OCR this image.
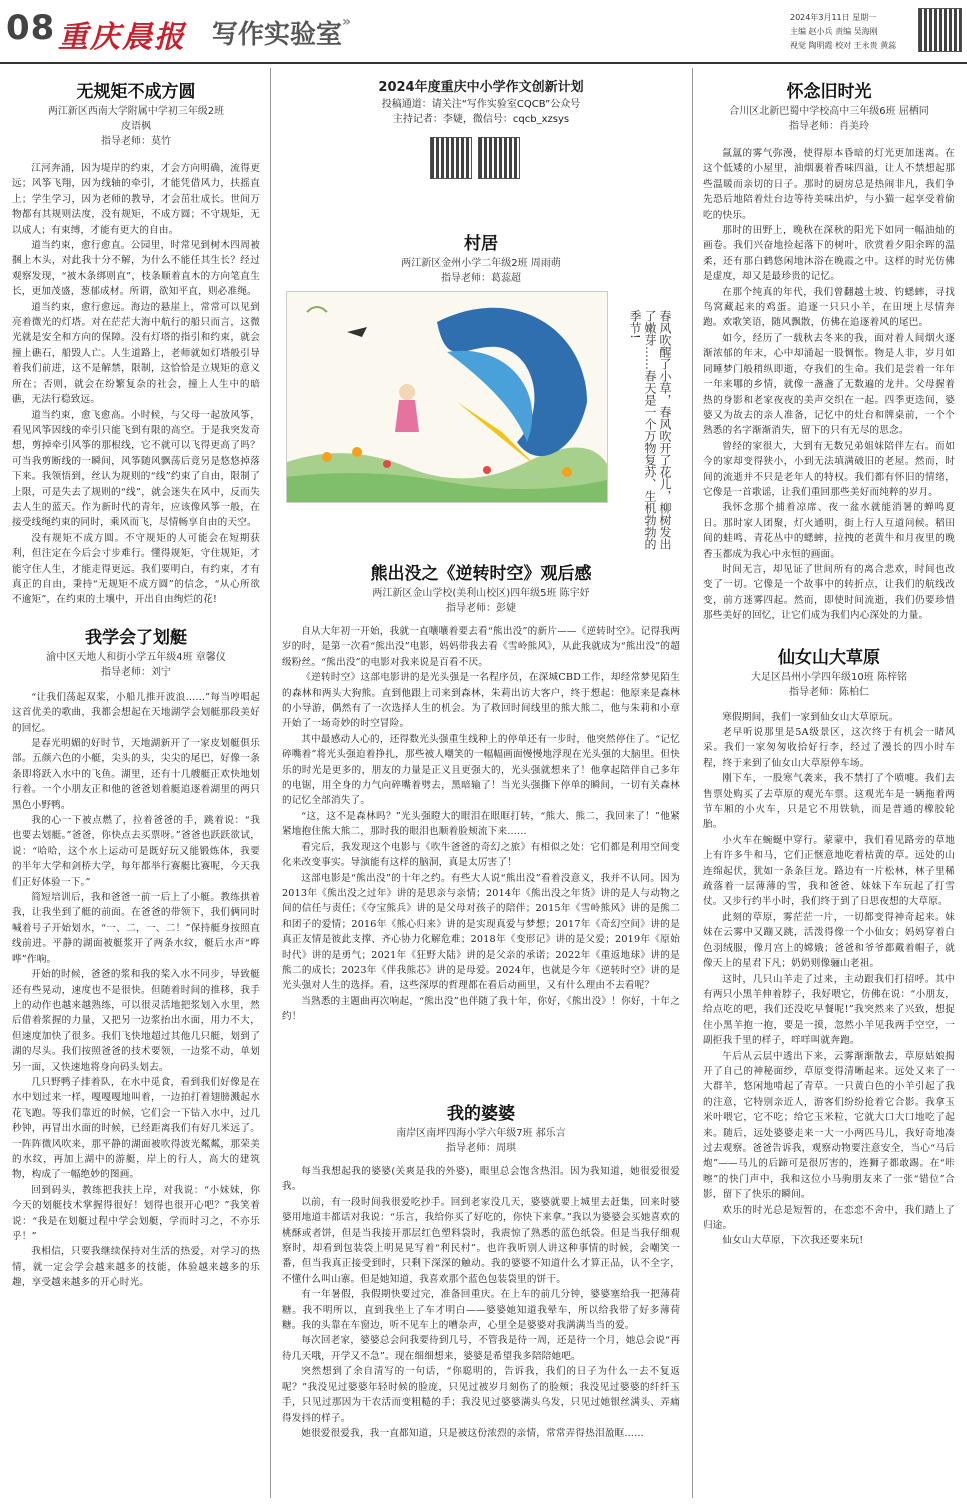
08 重庆晨报	写作实验室»	2024年3月11日 星期一
主编 赵小兵 责编 吴海刚
视觉 陶明霞 校对 王永贵 黄蕊
无规矩不成方圆
两江新区西南大学附属中学初三年级2班
皮语枫
指导老师：莫竹

江河奔涌，因为堤岸的约束，才会方向明确，流得更远；风筝飞翔，因为线轴的牵引，才能凭借风力，扶摇直上；学生学习，因为老师的教导，才会茁壮成长。世间万物都有其规则法度，没有规矩，不成方圆；不守规矩，无以成人；有束缚，才能有更大的自由。

道当约束，愈行愈直。公园里，时常见到树木四周被捆上木头，对此我十分不解，为什么不能任其生长？经过观察发现，“被木条绑则直”，枝条顺着直木的方向笔直生长，更加茂盛，葱郁成材。所谓，欲知平直，则必准绳。

道当约束，愈行愈远。海边的悬崖上，常常可以见到亮着微光的灯塔。对在茫茫大海中航行的船只而言，这微光就是安全和方向的保障。没有灯塔的指引和约束，就会撞上礁石，船毁人亡。人生道路上，老师就如灯塔般引导着我们前进，这不是解禁，限制，这恰恰是立规矩的意义所在；否则，就会在纷繁复杂的社会，撞上人生中的暗礁，无法行稳致远。

道当约束，愈飞愈高。小时候，与父母一起放风筝，看见风筝因线的牵引只能飞到有限的高空。于是我突发奇想，剪掉牵引风筝的那根线，它不就可以飞得更高了吗？可当我剪断线的一瞬间，风筝随风飘荡后竟另是悠悠掉落下来。我领悟到，丝认为规则的“线”约束了自由，限制了上限，可是失去了规则的“线”，就会迷失在风中，反而失去人生的蓝天。作为新时代的青年，应该像风筝一般，在接受线绳约束的同时，乘风而飞，尽情畅享自由的天空。

没有规矩不成方圆。不守规矩的人可能会在短期获利，但注定在今后会寸步难行。懂得规矩，守住规矩，才能守住人生，才能走得更远。我们要明白，有约束，才有真正的自由，秉持“无规矩不成方圆”的信念，“从心所欲不逾矩”，在约束的土壤中，开出自由绚烂的花!

我学会了划艇
渝中区天地人和街小学五年级4班 章馨仪
指导老师：刘宁

“让我们荡起双桨，小船儿推开波浪……”每当哼唱起这首优美的歌曲，我都会想起在天地湖学会划艇那段美好的回忆。

是春光明媚的好时节，天地湖新开了一家皮划艇俱乐部。五颜六色的小艇，尖头的头，尖尖的尾巴，好像一条条即将跃入水中的飞鱼。湖里，还有十几艘艇正欢快地划行着。一个小朋友正和他的爸爸划着艇追逐着湖里的两只黑色小野鸭。

我的心一下被点燃了，拉着爸爸的手，跳着说：“我也要去划艇。”爸爸，你快点去买票呀。”爸爸也跃跃欲试，说：“哈哈，这个水上运动可是既好玩又能锻炼体，我要的半年大学和剑桥大学，每年都举行赛艇比赛呢，今天我们正好体验一下。”

简短培训后，我和爸爸一前一后上了小艇。教练拱着我，让我坐到了艇的前面。在爸爸的带领下，我们俩同时喊着号子开始划水，“一、二，一、二！”保持艇身按照直线前进。平静的湖面被艇浆开了两条水纹，艇后水声“哗哗”作响。

开始的时候，爸爸的浆和我的桨入水不同步，导致艇还有些晃动，速度也不是很快。但随着时间的推移，我手上的动作也越来越熟练，可以很灵活地把浆划入水里，然后借着浆握的力量，又把另一边浆抬出水面，用力不大，但速度加快了很多。我们飞快地超过其他几只艇，划到了湖的尽头。我们按照爸爸的技术要领，一边浆不动，单划另一面，又快速地将身向码头划去。

几只野鸭子排着队，在水中觅食，看到我们好像是在水中划过来一样，嘎嘎嘎地叫着，一边拍打着翅膀溅起水花飞跑。等我们靠近的时候，它们会一下钻入水中，过几秒钟，再冒出水面的时候，已经距离我们有好几米远了。一阵阵微风吹来，那平静的湖面被吹得波光粼粼，那荣美的水纹，再加上湖中的游艇，岸上的行人，高大的建筑物，构成了一幅绝妙的图画。

回到码头，教练把我扶上岸，对我说：“小妹妹，你今天的划艇技术掌握得很好！划得也很开心吧？”我笑着说：“我是在划艇过程中学会划艇，学而时习之，不亦乐乎！”

我相信，只要我继续保持对生活的热爱，对学习的热情，就一定会学会越来越多的技能，体验越来越多的乐趣，享受越来越多的开心时光。

2024年度重庆中小学作文创新计划
投稿通道：请关注“写作实验室CQCB”公众号
主持记者：李婕，微信号：cqcb_xzsys
村居
两江新区金州小学二年级2班 周雨萌
指导老师：葛蕊超
春风吹醒了小草，春风吹开了花儿，柳树发出了嫩芽……春天是一个万物复苏、生机勃勃的季节!
熊出没之《逆转时空》观后感
两江新区金山学校(美利山校区)四年级5班 陈宇妤
指导老师：彭婕

自从大年初一开始，我就一直嚷嚷着要去看“熊出没”的新片——《逆转时空》。记得我两岁的时，是第一次看“熊出没”电影，妈妈带我去看《雪岭熊风》，从此我就成为“熊出没”的超级粉丝。“熊出没”的电影对我来说是百看不厌。

《逆转时空》这部电影讲的是光头强是一名程序员，在深城CBD工作，却经常梦见陌生的森林和两头大狗熊。直到他跟上司来到森林，朱莉出访大客户，终于想起：他原来是森林的小导游，偶然有了一次选择人生的机会。为了救回时间线里的熊大熊二，他与朱莉和小章开始了一场奇妙的时空冒险。

其中最感动人心的，还得数光头强重生线种上的停单还有一步时，他突然停住了。“记忆碎嘴着”将光头强迫着挣扎，那些被人嘲笑的一幅幅画面慢慢地浮现在光头强的大脑里。但快乐的时光是更多的，朋友的力量是正义且更强大的，光头强就想来了！他拿起陪伴自己多年的电锯，用全身的力气向碎嘴着劈去，黑暗输了！当光头强撕下停单的瞬间，一切有关森林的记忆全部消失了。

“这，这不是森林吗？”光头强瞪大的眼泪在眼眶打转，“熊大、熊二，我回来了！”他紧紧地抱住熊大熊二，那时我的眼泪也顺着脸颊流下来……

看完后，我发现这个电影与《吹牛爸爸的奇幻之旅》有相似之处：它们都是利用空间变化来改变事实。导演能有这样的脑洞，真是太厉害了！

这部电影是“熊出没”的十年之约。有些大人说“熊出没”看着没意义，我并不认同。因为2013年《熊出没之过年》讲的是思亲与亲情；2014年《熊出没之年货》讲的是人与动物之间的信任与责任；《夺宝熊兵》讲的是父母对孩子的陪伴；2015年《雪岭熊风》讲的是熊二和团子的爱情；2016年《熊心归来》讲的是实现真爱与梦想；2017年《奇幻空间》讲的是真正友情是彼此支撑、齐心协力化解危难；2018年《变形记》讲的是父爱；2019年《原始时代》讲的是勇气；2021年《狂野大陆》讲的是父亲的承诺；2022年《重返地球》讲的是熊二的成长；2023年《伴我熊芯》讲的是母爱。2024年，也就是今年《逆转时空》讲的是光头强对人生的选择。看，这些深厚的哲理都在看后动画里，又有什么理由不去看呢？

当熟悉的主题曲再次响起，“熊出没”也伴随了我十年，你好，《熊出没》！你好，十年之约！

我的婆婆
南岸区南坪四海小学六年级7班 郝乐言
指导老师：周琪

每当我想起我的婆婆(关爽是我的外婆)，眼里总会饱含热泪。因为我知道，她很爱很爱我。

以前，有一段时间我很爱吃抄手。回到老家没几天，婆婆就要上城里去赶集，回来时婆婆用地道丰都话对我说：“乐言，我给你买了好吃的，你快下来拿。”我以为婆婆会买她喜欢的桃酥或者饼，但是当我接开那层红色塑料袋时，我震惊了熟悉的蓝色纸袋。但是当我仔细观察时，却看到包装袋上明晃晃写着“利民村”。也许我听别人讲这种事情的时候，会嘲笑一番，但当我真正接受到时，只剩下深深的触动。我的婆婆不知道什么才算正品，认不全字，不懂什么叫山寨。但是她知道，我喜欢那个蓝色包装袋里的饼干。

有一年暑假，我假期快要过完，准备回重庆。在上车的前几分钟，婆婆塞给我一把薄荷糖。我不明所以，直到我坐上了车才明白——婆婆她知道我晕车，所以给我带了好多薄荷糖。我的头靠在车窗边，听不见车上的嘈杂声，心里全是婆婆对我满满当当的爱。

每次回老家，婆婆总会问我要待到几号，不管我是待一周，还是待一个月，她总会说“再待几天哦，开学又不急”。现在细细想来，婆婆是希望我多陪陪她吧。

突然想到了余自清写的一句话，“你聪明的，告诉我，我们的日子为什么一去不复返呢？”我没见过婆婆年轻时候的脸庞，只见过被岁月刻伤了的脸颊；我没见过婆婆的纤纤玉手，只见过那因为干农活而变粗糙的手；我没见过婆婆满头乌发，只见过她银丝满头、弄痛得发抖的样子。

她很爱很爱我，我一直都知道，只是被这份浓烈的亲情，常常弄得热泪盈眶……

怀念旧时光
合川区北新巴蜀中学校高中三年级6班 屈栖同
指导老师：肖美玲

氤氲的雾气弥漫，使得原本昏暗的灯光更加迷离。在这个低矮的小屋里，油烟裹着香味四溢，让人不禁想起那些温暖而亲切的日子。那时的厨房总是热闹非凡，我们争先恐后地陪着灶台边等待美味出炉，与小猫一起享受着偷吃的快乐。

那时的田野上，晚秋在深秋的阳光下如同一幅油灿的画卷。我们兴奋地捡起落下的树叶，欣赏着夕阳余晖的温柔，还有那白鹤悠闲地沐浴在晚霞之中。这样的时光仿佛是虚度，却又是最珍贵的记忆。

在那个纯真的年代，我们曾翻越土坡、钓蟋蟀，寻找鸟窝藏起来的鸡蛋。追逐一只只小羊，在田埂上尽情奔跑。欢歌笑语，随风飘散，仿佛在追逐着风的尾巴。

如今，经历了一载秋去冬来的我，面对着人间烟火逐渐浓郁的年末，心中却涌起一股惆怅。物是人非，岁月如同睡梦门般稍纵即逝，夺我们的生命。我们是尝着一年年一年来哪的乡情，就像一盏盏了无数遍的龙井。父母握着热的身影和老家夜夜的美声交织在一起。四季更迭间，婆婆又为故去的亲人准备，记忆中的灶台和牌桌前，一个个熟悉的名字渐渐消失，留下的只有无尽的思念。

曾经的家很大，大到有无数兄弟姐妹陪伴左右。而如今的家却变得狭小，小到无法填满破旧的老屋。然而，时间的流逝并不只是老年人的特权。我们都有怀旧的情绪，它像是一首歌谣，让我们重回那些美好而纯粹的岁月。

我怀念那个捕着凉席、夜一盆水就能消暑的蝉鸣夏日。那时家人团聚，灯火通明，街上行人互道问候。稻田间的蛙鸣、青花丛中的蟋蟀，拉拽的老黄牛和月夜里的晚香玉都成为我心中永恒的画面。

时间无言，却见证了世间所有的离合悲欢，时间也改变了一切。它像是一个故事中的转折点，让我们的航线改变，前方迷雾四起。然而，即使时间流逝，我们仍要珍惜那些美好的回忆，让它们成为我们内心深处的力量。

仙女山大草原
大足区昌州小学四年级10班 陈梓铭
指导老师：陈柏仁

寒假期间，我们一家到仙女山大草原玩。

老早听说那里是5A级景区，这次终于有机会一睹风采。我们一家匆匆收拾好行李，经过了漫长的四小时车程，终于来到了仙女山大草原停车场。

刚下车，一股寒气袭来，我不禁打了个喷嚏。我们去售票处购买了去草原的观光车票。这观光车是一辆拖着两节车厢的小火车，只是它不用铁轨，而是普通的橡胶轮胎。

小火车在蜿蜒中穿行。蒙蒙中，我们看见路旁的草地上有许多牛和马，它们正惬意地吃着枯黄的草。远处的山连绵起伏，犹如一条条巨龙。路边有一片松林，林子里稀疏落着一层薄薄的雪，我和爸爸、妹妹下车玩起了打雪仗。又步行约半小时，我们终于到了日思夜想的大草原。

此刻的草原，雾茫茫一片，一切都变得神奇起来。妹妹在云雾中又蹦又跳，活泼得像一个小仙女；妈妈穿着白色羽绒服，像月宫上的嫦娥；爸爸和爷爷都戴着帽子，就像天上的星君下凡；奶奶则像骊山老祖。

这时，几只山羊走了过来，主动跟我们打招呼。其中有两只小黑羊伸着脖子，我好喂它，仿佛在说：“小朋友，给点吃的吧，我们还没吃早餐呢!”我突然来了兴致，想捉住小黑羊抱一抱，要是一摸，忽然小羊见我两手空空，一副拒我千里的样子，咩咩叫就奔跑。

午后从云层中透出下来，云雾渐渐散去，草原姑娘揭开了自己的神秘面纱，草原变得清晰起来。远处又来了一大群羊，悠闲地啃起了青草。一只黄白色的小羊引起了我的注意，它特别亲近人，游客们纷纷抢着它合影。我拿玉米叶喂它，它不吃；给它玉米粒，它就大口大口地吃了起来。随后，远处婆婆走来一大一小两匹马儿，我好奇地凑过去观察。爸爸告诉我，观察动物要注意安全，当心“马后炮”——马儿的后蹄可是很厉害的，连狮子都敢踢。在“咔嚓”的快门声中，我和这位小马驹朋友来了一张“错位”合影，留下了快乐的瞬间。

欢乐的时光总是短暂的，在恋恋不舍中，我们踏上了归途。

仙女山大草原，下次我还要来玩!
